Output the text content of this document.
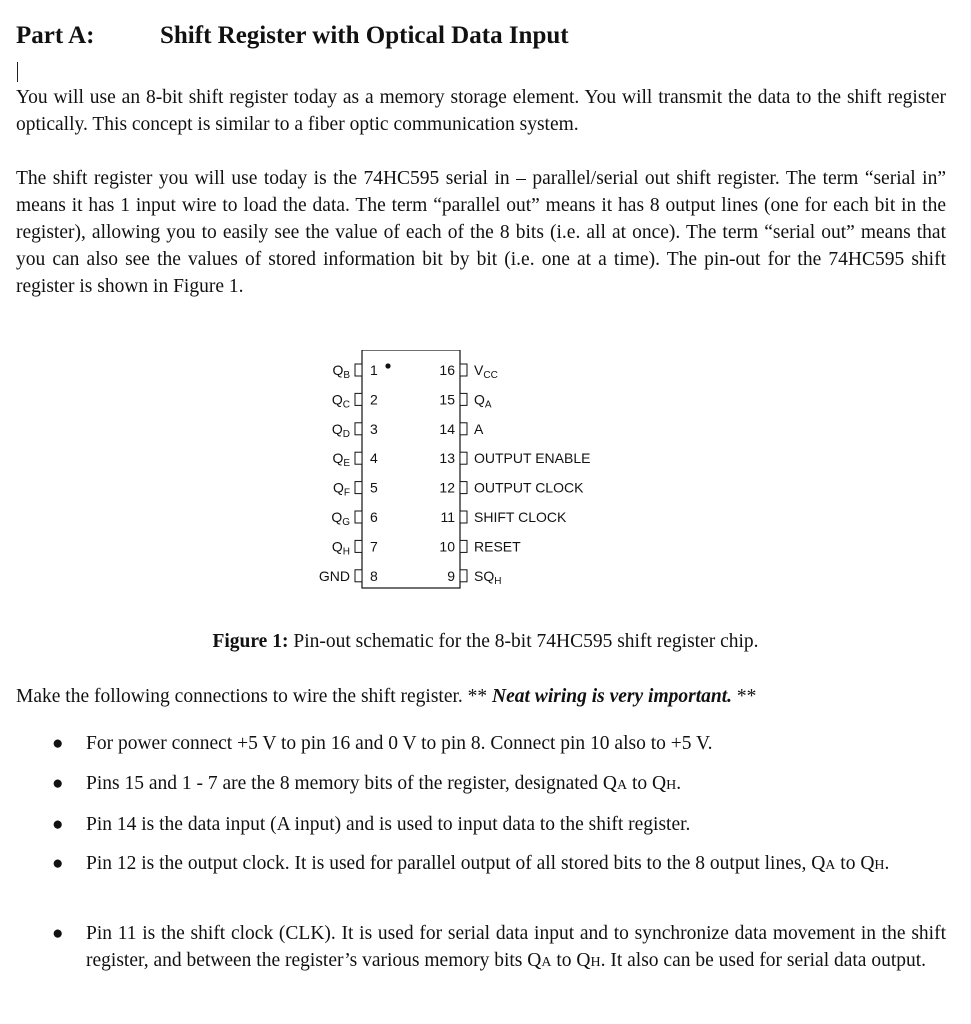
Part A:	Shift Register with Optical Data Input

You will use an 8-bit shift register today as a memory storage element. You will transmit the data to the shift register optically. This concept is similar to a fiber optic communication system.

The shift register you will use today is the 74HC595 serial in – parallel/serial out shift register. The term “serial in” means it has 1 input wire to load the data. The term “parallel out” means it has 8 output lines (one for each bit in the register), allowing you to easily see the value of each of the 8 bits (i.e. all at once). The term “serial out” means that you can also see the values of stored information bit by bit (i.e. one at a time). The pin-out for the 74HC595 shift register is shown in Figure 1.

$Q_B$ 1
$Q_C$ 2
$Q_D$ 3
$Q_E$ 4
$Q_F$ 5
$Q_G$ 6
$Q_H$ 7
GND 8
16 $V_{CC}$
15 $Q_A$
14 A
13 OUTPUT ENABLE
12 OUTPUT CLOCK
11 SHIFT CLOCK
10 RESET
9 $SQ_H$
Figure 1: Pin-out schematic for the 8-bit 74HC595 shift register chip.
Make the following connections to wire the shift register. ** Neat wiring is very important. **
● For power connect +5 V to pin 16 and 0 V to pin 8. Connect pin 10 also to +5 V.
● Pins 15 and 1 - 7 are the 8 memory bits of the register, designated QA to QH.
● Pin 14 is the data input (A input) and is used to input data to the shift register.
● Pin 12 is the output clock. It is used for parallel output of all stored bits to the 8 output lines, QA to QH.
● Pin 11 is the shift clock (CLK). It is used for serial data input and to synchronize data movement in the shift register, and between the register’s various memory bits QA to QH. It also can be used for serial data output.
